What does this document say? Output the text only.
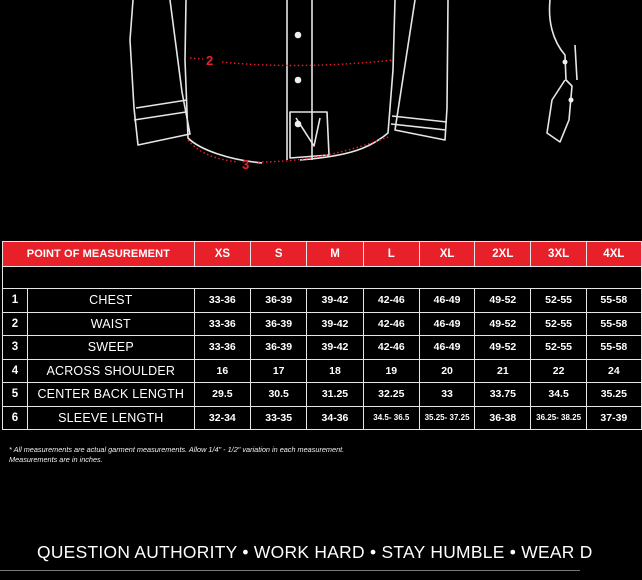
2
3
POINT OF MEASUREMENT		XS	S	M	L	XL	2XL	3XL	4XL

1	CHEST	33-36	36-39	39-42	42-46	46-49	49-52	52-55	55-58
2	WAIST	33-36	36-39	39-42	42-46	46-49	49-52	52-55	55-58
3	SWEEP	33-36	36-39	39-42	42-46	46-49	49-52	52-55	55-58
4	ACROSS SHOULDER	16	17	18	19	20	21	22	24
5	CENTER BACK LENGTH	29.5	30.5	31.25	32.25	33	33.75	34.5	35.25
6	SLEEVE LENGTH	32-34	33-35	34-36	34.5- 36.5	35.25- 37.25	36-38	36.25- 38.25	37-39
* All measurements are actual garment measurements. Allow 1/4" - 1/2" variation in each measurement.
Measurements are in inches.
QUESTION AUTHORITY • WORK HARD • STAY HUMBLE • WEAR D
